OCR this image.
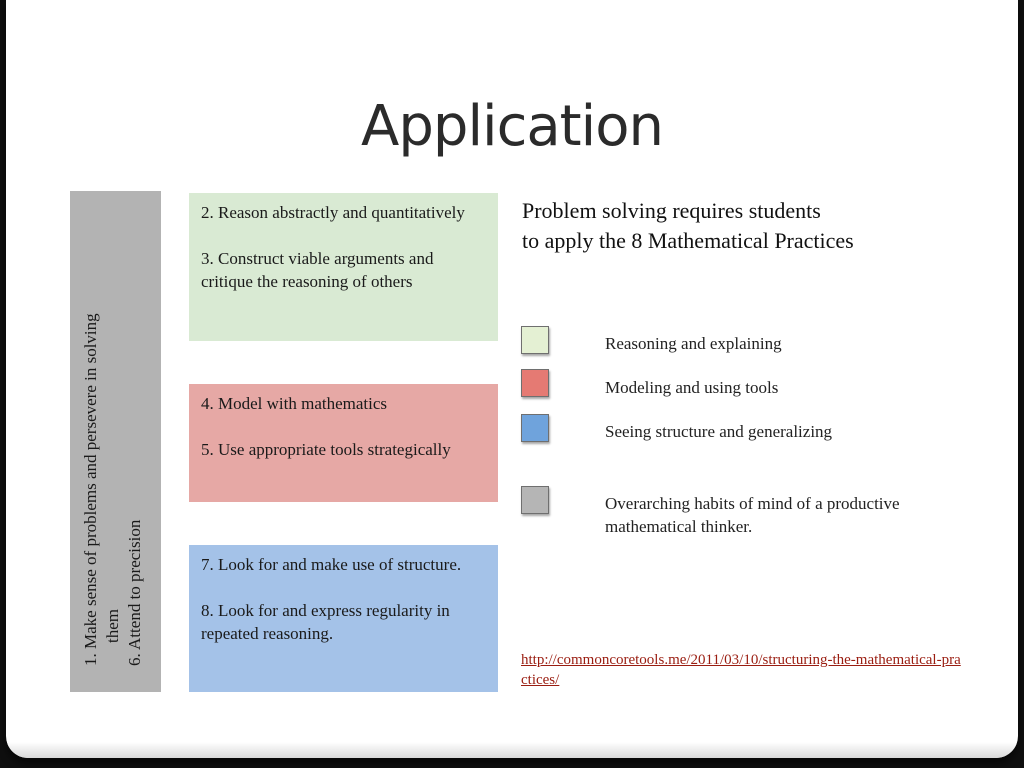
Application
1. Make sense of problems and persevere in solving them
6. Attend to precision

2. Reason abstractly and quantitatively

3. Construct viable arguments and critique the reasoning of others

4. Model with mathematics

5. Use appropriate tools strategically

7. Look for and make use of structure.

8. Look for and express regularity in repeated reasoning.

Problem solving requires students
to apply the 8 Mathematical Practices
Reasoning and explaining
Modeling and using tools
Seeing structure and generalizing
Overarching habits of mind of a productive mathematical thinker.
http://commoncoretools.me/2011/03/10/structuring-the-mathematical-practices/
